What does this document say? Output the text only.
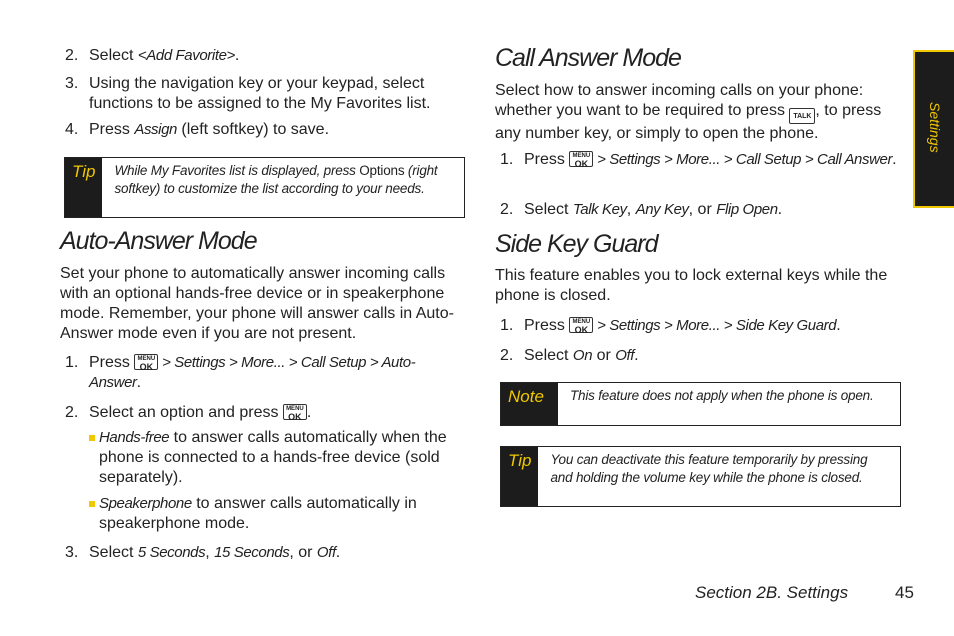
2. Select <Add Favorite>.
3. Using the navigation key or your keypad, select functions to be assigned to the My Favorites list.
4. Press Assign (left softkey) to save.
Tip	While My Favorites list is displayed, press Options (right softkey) to customize the list according to your needs.
Auto-Answer Mode
Set your phone to automatically answer incoming calls with an optional hands-free device or in speakerphone mode. Remember, your phone will answer calls in Auto-Answer mode even if you are not present.
1. Press MENU
OK > Settings > More... > Call Setup > Auto-Answer.
2. Select an option and press MENU
OK .
Hands-free to answer calls automatically when the phone is connected to a hands-free device (sold separately).
Speakerphone to answer calls automatically in speakerphone mode.
3. Select 5 Seconds, 15 Seconds, or Off.
Call Answer Mode
Select how to answer incoming calls on your phone: whether you want to be required to press TALK , to press any number key, or simply to open the phone.
1. Press MENU
OK > Settings > More... > Call Setup > Call Answer.
2. Select Talk Key, Any Key, or Flip Open.
Side Key Guard
This feature enables you to lock external keys while the phone is closed.
1. Press MENU
OK > Settings > More... > Side Key Guard.
2. Select On or Off.
Note	This feature does not apply when the phone is open.
Tip	You can deactivate this feature temporarily by pressing and holding the volume key while the phone is closed.
Settings
Section 2B. Settings	45
